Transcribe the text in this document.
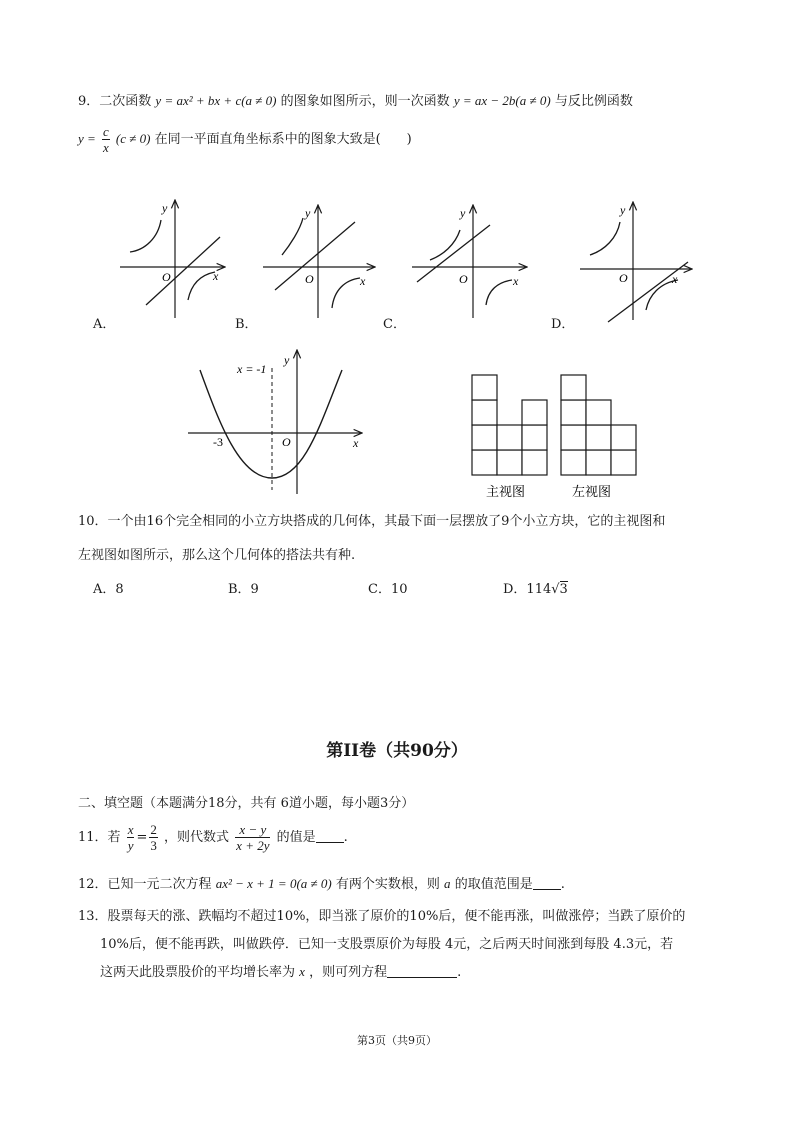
9．二次函数 y = ax² + bx + c(a ≠ 0) 的图象如图所示，则一次函数 y = ax − 2b(a ≠ 0) 与反比例函数
$y = \frac{c}{x} (c \ne 0)$ 在同一平面直角坐标系中的图象大致是(　　)
O	x
y
O	x
y
O	x
y
O	x
y
A．	B．	C．	D．
x = -1
-3	O	x
y
主视图	左视图
10．一个由16个完全相同的小立方块搭成的几何体，其最下面一层摆放了9个小立方块，它的主视图和
左视图如图所示，那么这个几何体的搭法共有种.
A．8	B．9	C．10	D．114√3
第II卷（共90分）
二、填空题（本题满分18分，共有 6道小题，每小题3分）
11．若 $\frac{x}{y} = \frac{2}{3}$ ，则代数式 $\frac{x - y}{x + 2y}$ 的值是 .
12．已知一元二次方程 ax² − x + 1 = 0(a ≠ 0) 有两个实数根，则 a 的取值范围是 .
13．股票每天的涨、跌幅均不超过10%，即当涨了原价的10%后，便不能再涨，叫做涨停；当跌了原价的
10%后，便不能再跌，叫做跌停．已知一支股票原价为每股 4元，之后两天时间涨到每股 4.3元，若
这两天此股票股价的平均增长率为 x ，则可列方程	.
第3页（共9页）
